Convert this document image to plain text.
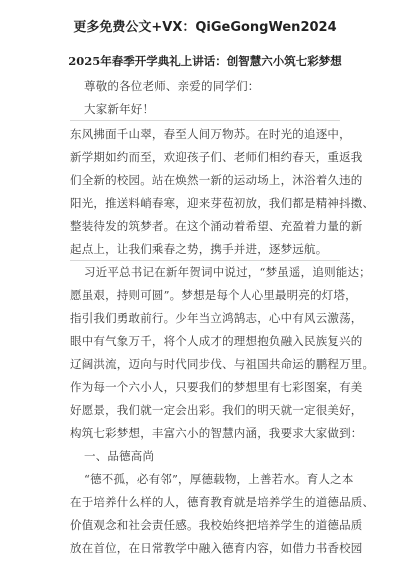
更多免费公文+VX：QiGeGongWen2024
2025年春季开学典礼上讲话：创智慧六小筑七彩梦想
尊敬的各位老师、亲爱的同学们：
大家新年好！
东风拂面千山翠，春至人间万物苏。在时光的追逐中，
新学期如约而至，欢迎孩子们、老师们相约春天，重返我
们全新的校园。站在焕然一新的运动场上，沐浴着久违的
阳光，推送料峭春寒，迎来芽苞初放，我们都是精神抖擞、
整装待发的筑梦者。在这个涌动着希望、充盈着力量的新
起点上，让我们乘春之势，携手并进，逐梦远航。
习近平总书记在新年贺词中说过，“梦虽遥，追则能达；
愿虽艰，持则可圆”。梦想是每个人心里最明亮的灯塔，
指引我们勇敢前行。少年当立鸿鹄志，心中有风云激荡，
眼中有气象万千，将个人成才的理想抱负融入民族复兴的
辽阔洪流，迈向与时代同步伐、与祖国共命运的鹏程万里。
作为每一个六小人，只要我们的梦想里有七彩图案，有美
好愿景，我们就一定会出彩。我们的明天就一定很美好，
构筑七彩梦想，丰富六小的智慧内涵，我要求大家做到：
一、品德高尚
“德不孤，必有邻”，厚德载物，上善若水。育人之本
在于培养什么样的人，德育教育就是培养学生的道德品质、
价值观念和社会责任感。我校始终把培养学生的道德品质
放在首位，在日常教学中融入德育内容，如借力书香校园
